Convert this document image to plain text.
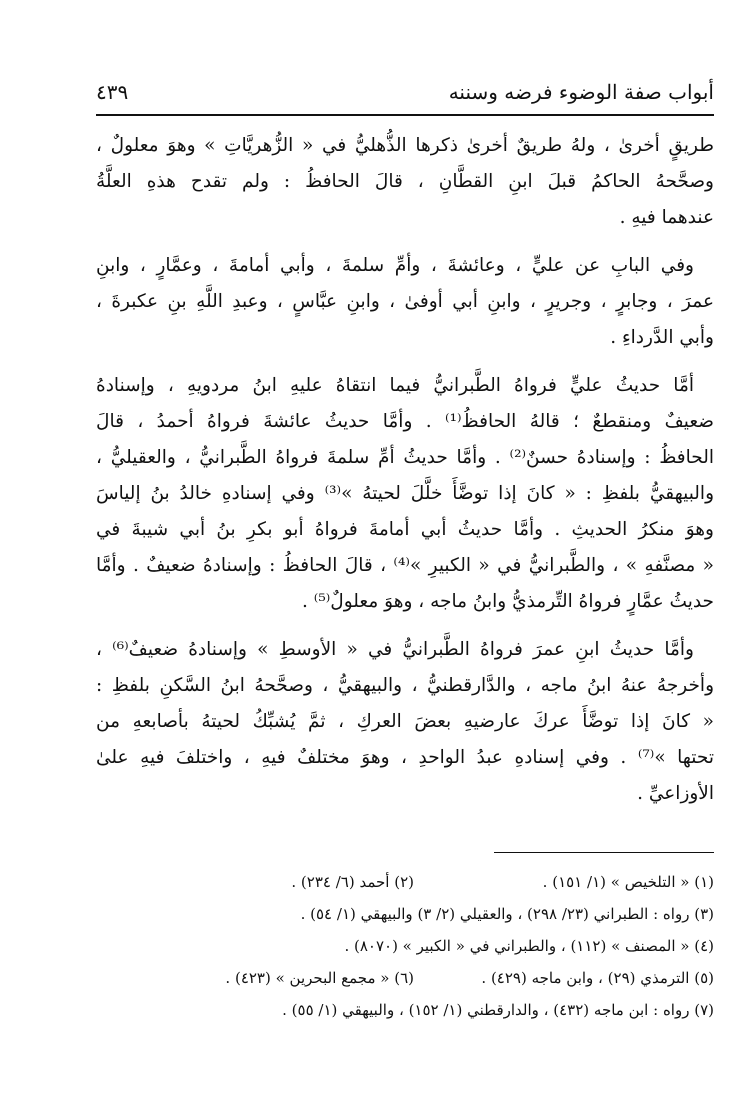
أبواب صفة الوضوء فرضه وسننه
٤٣٩

طريقٍ أخرىٰ ، ولهُ طريقٌ أخرىٰ ذكرها الذُّهليُّ في « الزُّهريَّاتِ » وهوَ معلولٌ ،
وصحَّحهُ الحاكمُ قبلَ ابنِ القطَّانِ ، قالَ الحافظُ : ولم تقدح هذهِ العلَّةُ
عندهما فيهِ .

وفي البابِ عن عليٍّ ، وعائشةَ ، وأمِّ سلمةَ ، وأبي أمامةَ ، وعمَّارٍ ، وابنِ
عمرَ ، وجابرٍ ، وجريرٍ ، وابنِ أبي أوفىٰ ، وابنِ عبَّاسٍ ، وعبدِ اللَّهِ بنِ عكبرةَ ،
وأبي الدَّرداءِ .

أمَّا حديثُ عليٍّ فرواهُ الطَّبرانيُّ فيما انتقاهُ عليهِ ابنُ مردويهِ ، وإسنادهُ
ضعيفٌ ومنقطعٌ ؛ قالهُ الحافظُ⁽¹⁾ . وأمَّا حديثُ عائشةَ فرواهُ أحمدُ ، قالَ
الحافظُ : وإسنادهُ حسنٌ⁽²⁾ . وأمَّا حديثُ أمِّ سلمةَ فرواهُ الطَّبرانيُّ ، والعقيليُّ ،
والبيهقيُّ بلفظِ : « كانَ إذا توضَّأَ خلَّلَ لحيتهُ »⁽³⁾ وفي إسنادهِ خالدُ بنُ إلياسَ
وهوَ منكرُ الحديثِ . وأمَّا حديثُ أبي أمامةَ فرواهُ أبو بكرِ بنُ أبي شيبةَ في
« مصنَّفهِ » ، والطَّبرانيُّ في « الكبيرِ »⁽⁴⁾ ، قالَ الحافظُ : وإسنادهُ ضعيفٌ . وأمَّا
حديثُ عمَّارٍ فرواهُ التِّرمذيُّ وابنُ ماجه ، وهوَ معلولٌ⁽⁵⁾ .

وأمَّا حديثُ ابنِ عمرَ فرواهُ الطَّبرانيُّ في « الأوسطِ » وإسنادهُ ضعيفٌ⁽⁶⁾ ،
وأخرجهُ عنهُ ابنُ ماجه ، والدَّارقطنيُّ ، والبيهقيُّ ، وصحَّحهُ ابنُ السَّكنِ بلفظِ :
« كانَ إذا توضَّأَ عركَ عارضيهِ بعضَ العركِ ، ثمَّ يُشبِّكُ لحيتهُ بأصابعهِ من
تحتها »⁽⁷⁾ . وفي إسنادهِ عبدُ الواحدِ ، وهوَ مختلفٌ فيهِ ، واختلفَ فيهِ علىٰ
الأوزاعيِّ .

(١) « التلخيص » (١/ ١٥١) .
(٢) أحمد (٦/ ٢٣٤) .
(٣) رواه : الطبراني (٢٣/ ٢٩٨) ، والعقيلي (٢/ ٣) والبيهقي (١/ ٥٤) .
(٤) « المصنف » (١١٢) ، والطبراني في « الكبير » (٨٠٧٠) .
(٥) الترمذي (٢٩) ، وابن ماجه (٤٢٩) .
(٦) « مجمع البحرين » (٤٢٣) .
(٧) رواه : ابن ماجه (٤٣٢) ، والدارقطني (١/ ١٥٢) ، والبيهقي (١/ ٥٥) .
